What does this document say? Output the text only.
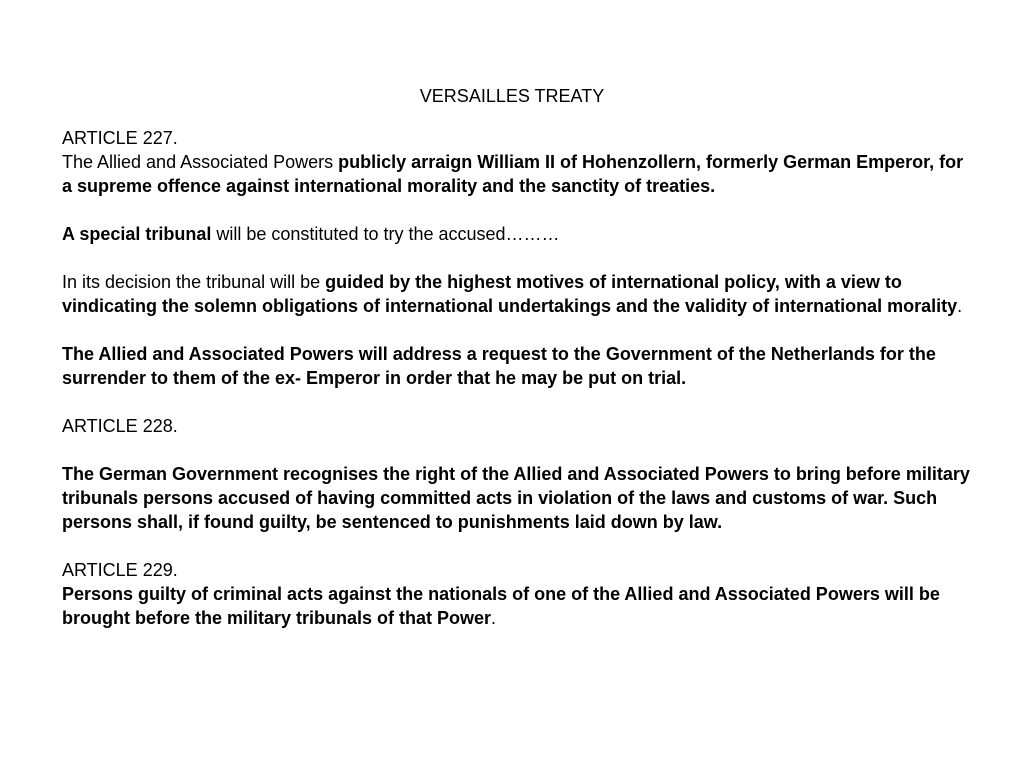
VERSAILLES TREATY

ARTICLE 227.

The Allied and Associated Powers publicly arraign William II of Hohenzollern, formerly German Emperor, for a supreme offence against international morality and the sanctity of treaties.

A special tribunal will be constituted to try the accused………

In its decision the tribunal will be guided by the highest motives of international policy, with a view to vindicating the solemn obligations of international undertakings and the validity of international morality.

The Allied and Associated Powers will address a request to the Government of the Netherlands for the surrender to them of the ex- Emperor in order that he may be put on trial.

ARTICLE 228.

The German Government recognises the right of the Allied and Associated Powers to bring before military tribunals persons accused of having committed acts in violation of the laws and customs of war. Such persons shall, if found guilty, be sentenced to punishments laid down by law.

ARTICLE 229.

Persons guilty of criminal acts against the nationals of one of the Allied and Associated Powers will be brought before the military tribunals of that Power.
